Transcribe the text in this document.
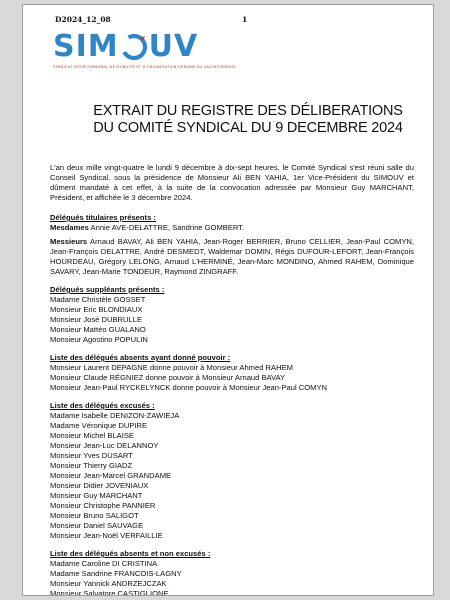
D2024_12_08	1
SIM UV
SYNDICAT INTERCOMMUNAL DE MOBILITÉ ET D'ORGANISATION URBAINE DU VALENCIENNOIS
EXTRAIT DU REGISTRE DES DÉLIBERATIONS
DU COMITÉ SYNDICAL DU 9 DECEMBRE 2024

L'an deux mille vingt-quatre le lundi 9 décembre à dix-sept heures, le Comité Syndical s'est réuni salle du Conseil Syndical, sous la présidence de Monsieur Ali BEN YAHIA, 1er Vice-Président du SIMOUV et dûment mandaté à cet effet, à la suite de la convocation adressée par Monsieur Guy MARCHANT, Président, et affichée le 3 décembre 2024.

Délégués titulaires présents :

Mesdames Annie AVE-DELATTRE, Sandrine GOMBERT.

Messieurs Arnaud BAVAY, Ali BEN YAHIA, Jean-Roger BERRIER, Bruno CELLIER, Jean-Paul COMYN, Jean-François DELATTRE, André DESMEDT, Waldemar DOMIN, Régis DUFOUR-LEFORT, Jean-François HOURDEAU, Grégory LELONG, Arnaud L'HERMINÉ, Jean-Marc MONDINO, Ahmed RAHEM, Dominique SAVARY, Jean-Marie TONDEUR, Raymond ZINGRAFF.

Délégués suppléants présents :

Madame Christèle GOSSET

Monsieur Eric BLONDIAUX

Monsieur José DUBRULLE

Monsieur Mattéo GUALANO

Monsieur Agostino POPULIN

Liste des délégués absents ayant donné pouvoir :

Monsieur Laurent DEPAGNE donne pouvoir à Monsieur Ahmed RAHEM

Monsieur Claude RÉGNIEZ donne pouvoir à Monsieur Arnaud BAVAY

Monsieur Jean-Paul RYCKELYNCK donne pouvoir à Monsieur Jean-Paul COMYN

Liste des délégués excusés :

Madame Isabelle DENIZON-ZAWIEJA

Madame Véronique DUPIRE

Monsieur Michel BLAISE

Monsieur Jean-Luc DELANNOY

Monsieur Yves DUSART

Monsieur Thierry GIADZ

Monsieur Jean-Marcel GRANDAME

Monsieur Didier JOVENIAUX

Monsieur Guy MARCHANT

Monsieur Christophe PANNIER

Monsieur Bruno SALIGOT

Monsieur Daniel SAUVAGE

Monsieur Jean-Noël VERFAILLIE

Liste des délégués absents et non excusés :

Madame Caroline DI CRISTINA

Madame Sandrine FRANCOIS-LAGNY

Monsieur Yannick ANDRZEJCZAK

Monsieur Salvatore CASTIGLIONE
